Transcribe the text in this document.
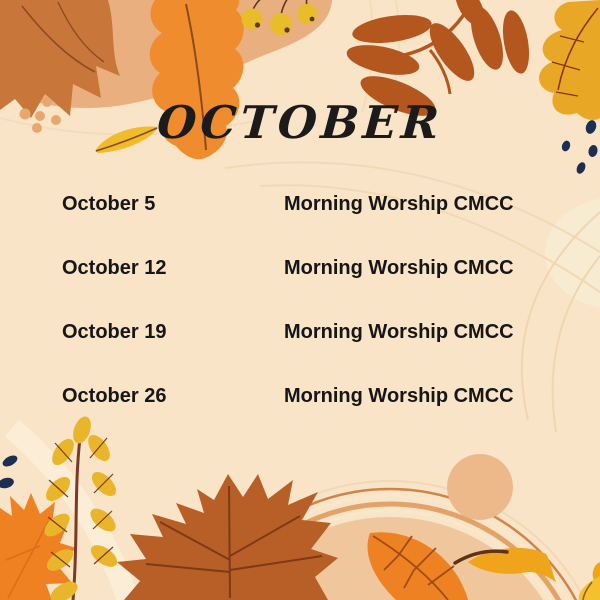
OCTOBER
October 5	Morning Worship CMCC
October 12	Morning Worship CMCC
October 19	Morning Worship CMCC
October 26	Morning Worship CMCC
